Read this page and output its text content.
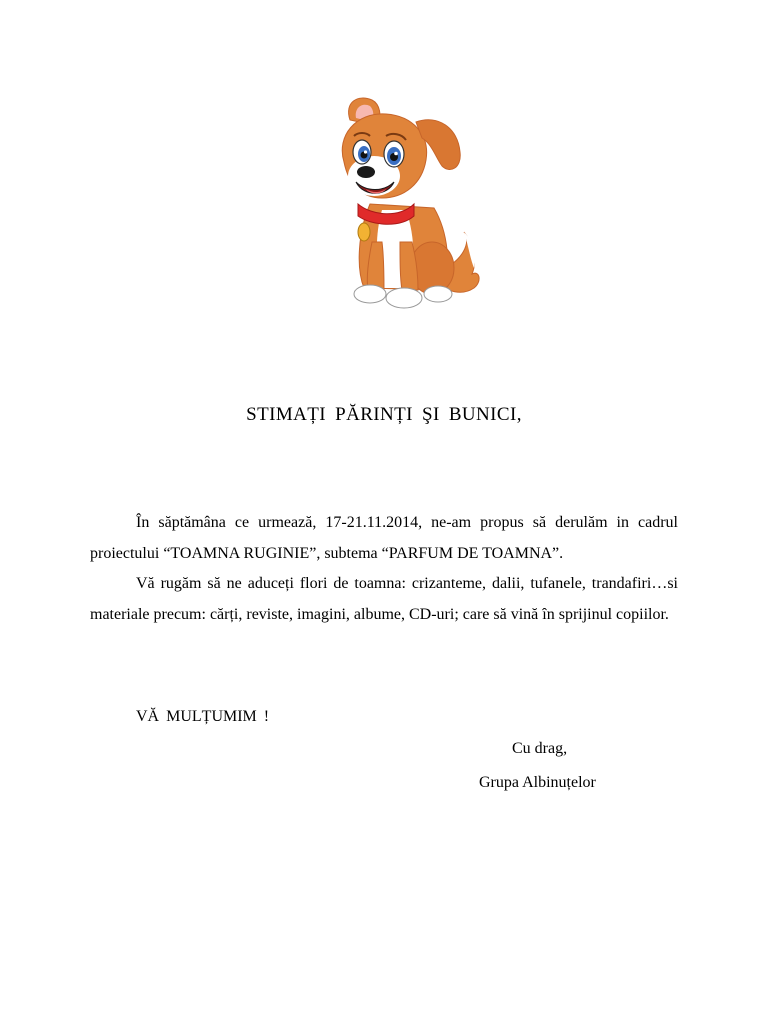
STIMAȚI PĂRINȚI ŞI BUNICI,

În săptămâna ce urmează, 17-21.11.2014, ne-am propus să derulăm in cadrul proiectului “TOAMNA RUGINIE”, subtema “PARFUM DE TOAMNA”.

Vă rugăm să ne aduceți flori de toamna: crizanteme, dalii, tufanele, trandafiri…si materiale precum: cărți, reviste, imagini, albume, CD-uri; care să vină în sprijinul copiilor.

VĂ MULȚUMIM !
Cu drag,
Grupa Albinuțelor
